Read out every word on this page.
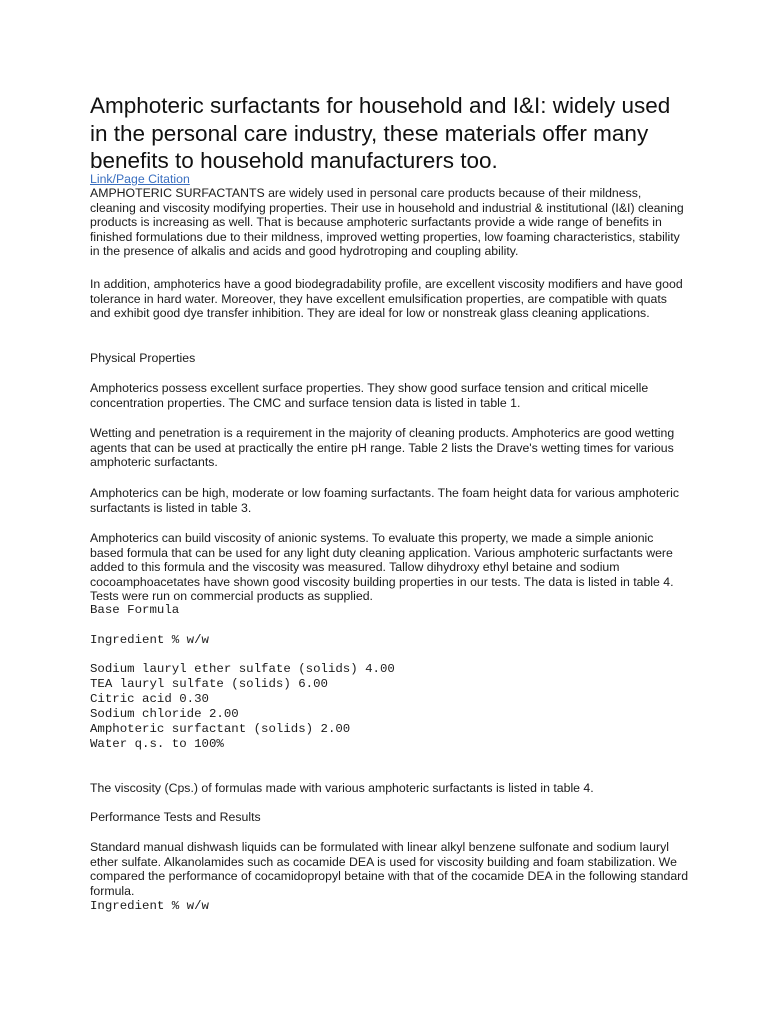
Amphoteric surfactants for household and I&I: widely used in the personal care industry, these materials offer many benefits to household manufacturers too.
Link/Page Citation

AMPHOTERIC SURFACTANTS are widely used in personal care products because of their mildness, cleaning and viscosity modifying properties. Their use in household and industrial & institutional (I&I) cleaning products is increasing as well. That is because amphoteric surfactants provide a wide range of benefits in finished formulations due to their mildness, improved wetting properties, low foaming characteristics, stability in the presence of alkalis and acids and good hydrotroping and coupling ability.

In addition, amphoterics have a good biodegradability profile, are excellent viscosity modifiers and have good tolerance in hard water. Moreover, they have excellent emulsification properties, are compatible with quats and exhibit good dye transfer inhibition. They are ideal for low or nonstreak glass cleaning applications.

Physical Properties

Amphoterics possess excellent surface properties. They show good surface tension and critical micelle concentration properties. The CMC and surface tension data is listed in table 1.

Wetting and penetration is a requirement in the majority of cleaning products. Amphoterics are good wetting agents that can be used at practically the entire pH range. Table 2 lists the Drave's wetting times for various amphoteric surfactants.

Amphoterics can be high, moderate or low foaming surfactants. The foam height data for various amphoteric surfactants is listed in table 3.

Amphoterics can build viscosity of anionic systems. To evaluate this property, we made a simple anionic based formula that can be used for any light duty cleaning application. Various amphoteric surfactants were added to this formula and the viscosity was measured. Tallow dihydroxy ethyl betaine and sodium cocoamphoacetates have shown good viscosity building properties in our tests. The data is listed in table 4. Tests were run on commercial products as supplied.

Base Formula
Ingredient % w/w
Sodium lauryl ether sulfate (solids) 4.00
TEA lauryl sulfate (solids) 6.00
Citric acid 0.30
Sodium chloride 2.00
Amphoteric surfactant (solids) 2.00
Water q.s. to 100%

The viscosity (Cps.) of formulas made with various amphoteric surfactants is listed in table 4.

Performance Tests and Results

Standard manual dishwash liquids can be formulated with linear alkyl benzene sulfonate and sodium lauryl ether sulfate. Alkanolamides such as cocamide DEA is used for viscosity building and foam stabilization. We compared the performance of cocamidopropyl betaine with that of the cocamide DEA in the following standard formula.

Ingredient % w/w
